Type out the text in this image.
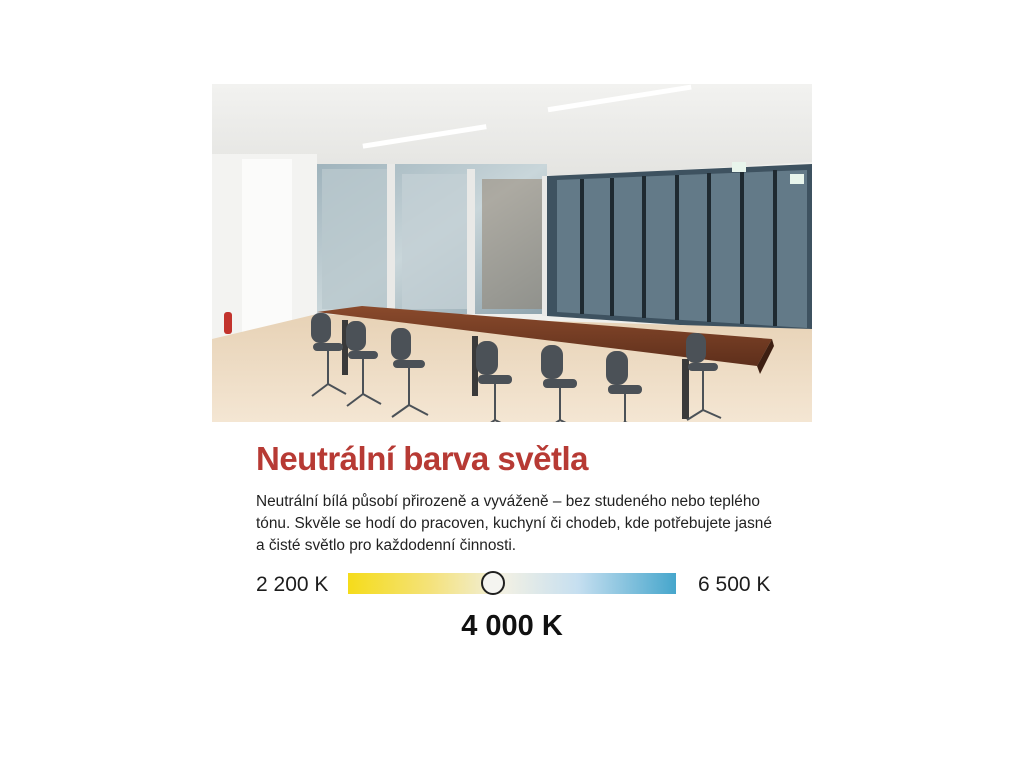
Neutrální barva světla

Neutrální bílá působí přirozeně a vyváženě – bez studeného nebo teplého
tónu. Skvěle se hodí do pracoven, kuchyní či chodeb, kde potřebujete jasné
a čisté světlo pro každodenní činnosti.

2 200 K	6 500 K
4 000 K
